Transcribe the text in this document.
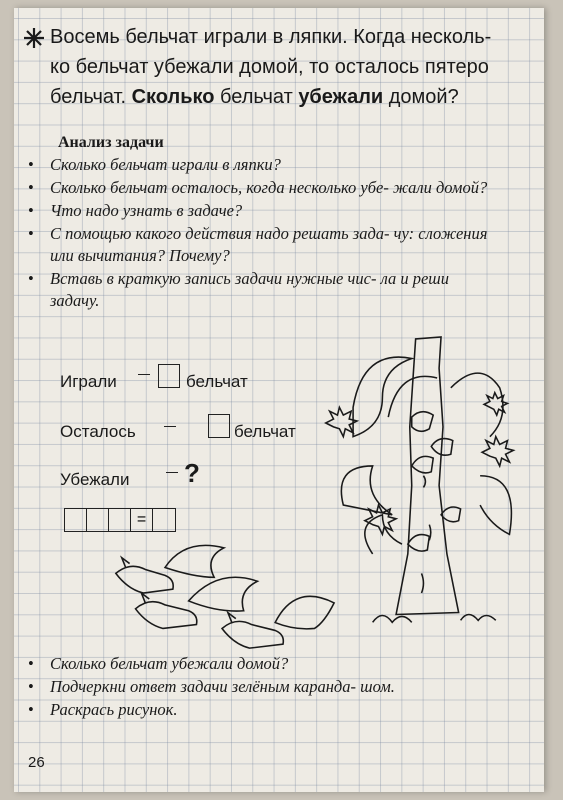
Восемь бельчат играли в ляпки. Когда несколь-
ко бельчат убежали домой, то осталось пятеро
бельчат. Сколько бельчат убежали домой?
Анализ задачи
• Сколько бельчат играли в ляпки?
• Сколько бельчат осталось, когда несколько убе- жали домой?
• Что надо узнать в задаче?
• С помощью какого действия надо решать зада- чу: сложения или вычитания? Почему?
• Вставь в краткую запись задачи нужные чис- ла и реши задачу.
Играли	бельчат
Осталось	бельчат
Убежали ?
=
• Сколько бельчат убежали домой?
• Подчеркни ответ задачи зелёным каранда- шом.
• Раскрась рисунок.
26
